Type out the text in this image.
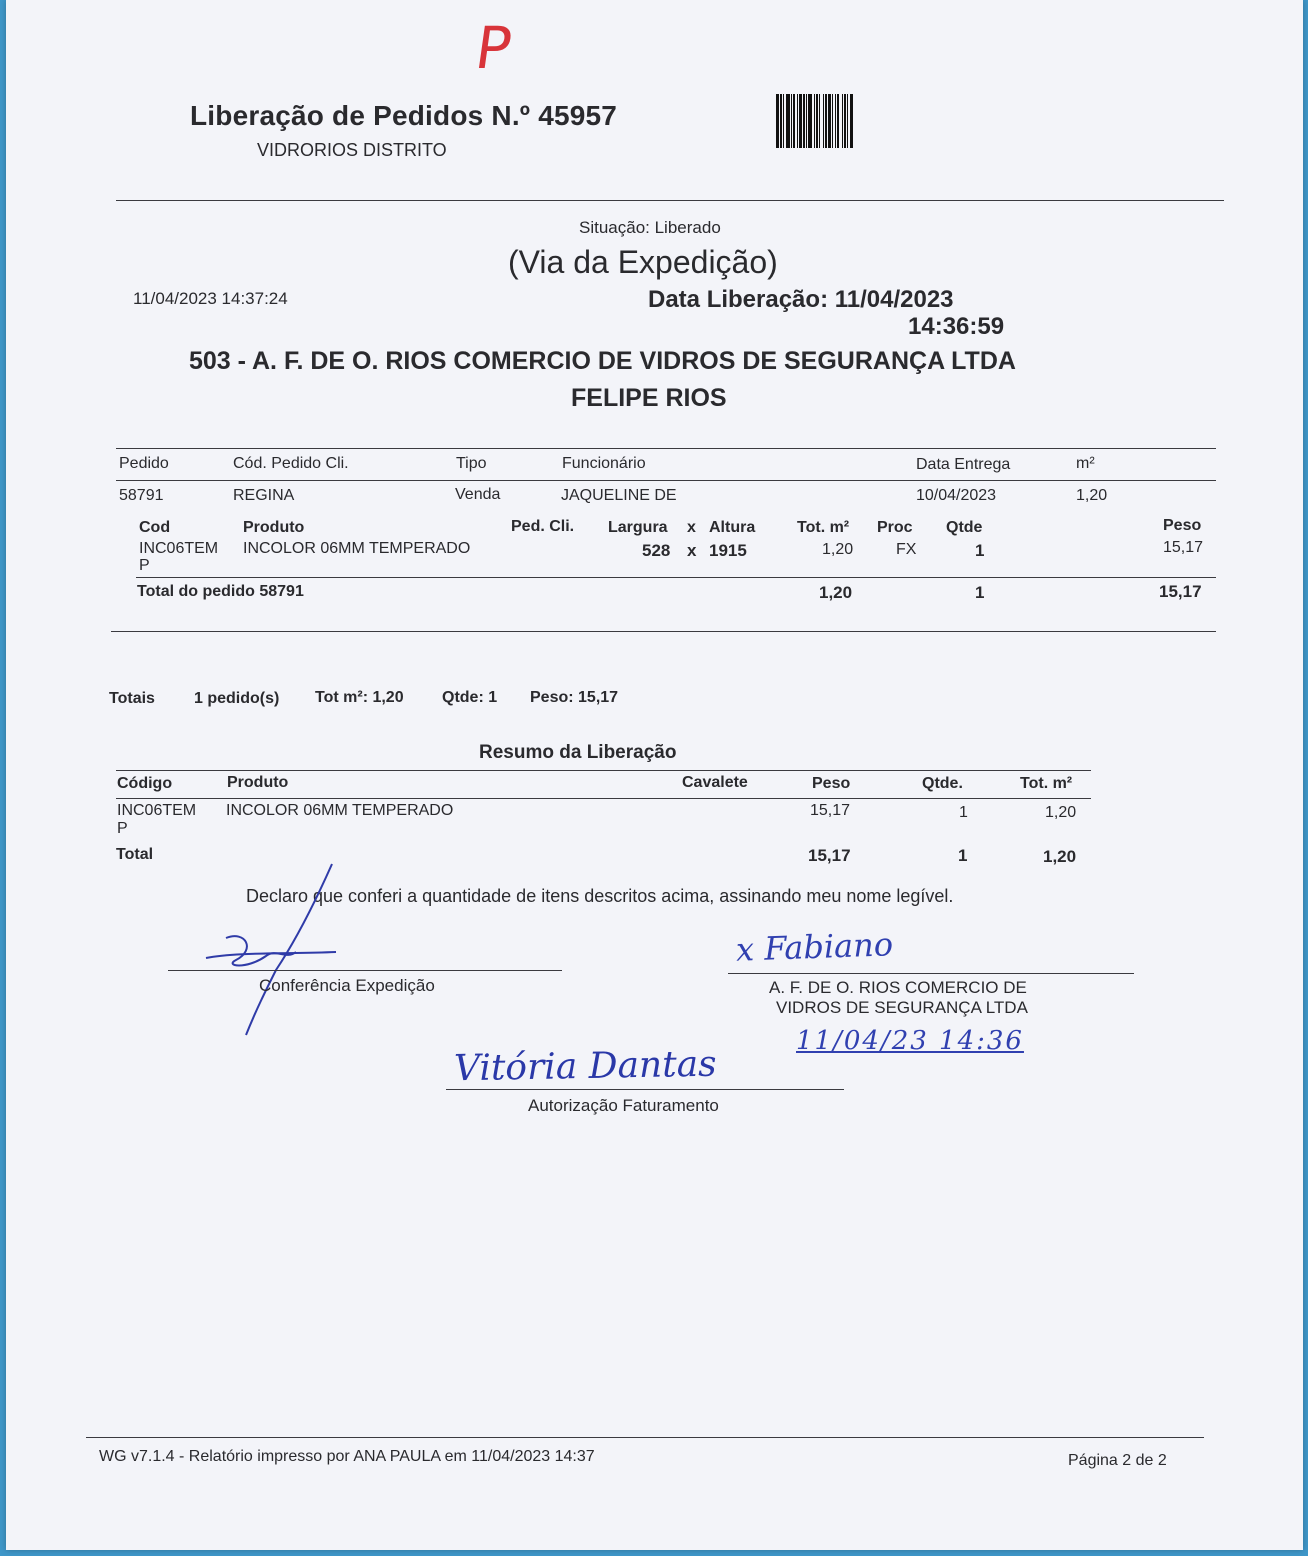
P
Liberação de Pedidos N.º 45957
VIDRORIOS DISTRITO
Situação: Liberado
(Via da Expedição)
11/04/2023 14:37:24	Data Liberação: 11/04/2023
14:36:59
503 - A. F. DE O. RIOS COMERCIO DE VIDROS DE SEGURANÇA LTDA
FELIPE RIOS
Pedido	Cód. Pedido Cli.	Tipo	Funcionário	Data Entrega	m²
58791	REGINA	Venda	JAQUELINE DE	10/04/2023	1,20
Cod	Produto	Ped. Cli. Largura x Altura	Tot. m² Proc Qtde	Peso
INC06TEM
P
INCOLOR 06MM TEMPERADO	528 x 1915	1,20	FX	1	15,17
Total do pedido 58791	1,20	1	15,17
Totais 1 pedido(s) Tot m²: 1,20 Qtde: 1 Peso: 15,17
Resumo da Liberação
Código	Produto	Cavalete	Peso	Qtde.	Tot. m²
INC06TEM
P
INCOLOR 06MM TEMPERADO	15,17	1	1,20
Total	15,17	1	1,20
Declaro que conferi a quantidade de itens descritos acima, assinando meu nome legível.
Conferência Expedição
x Fabiano
A. F. DE O. RIOS COMERCIO DE
VIDROS DE SEGURANÇA LTDA
11/04/23 14:36
Vitória Dantas
Autorização Faturamento
WG v7.1.4 - Relatório impresso por ANA PAULA em 11/04/2023 14:37	Página 2 de 2
